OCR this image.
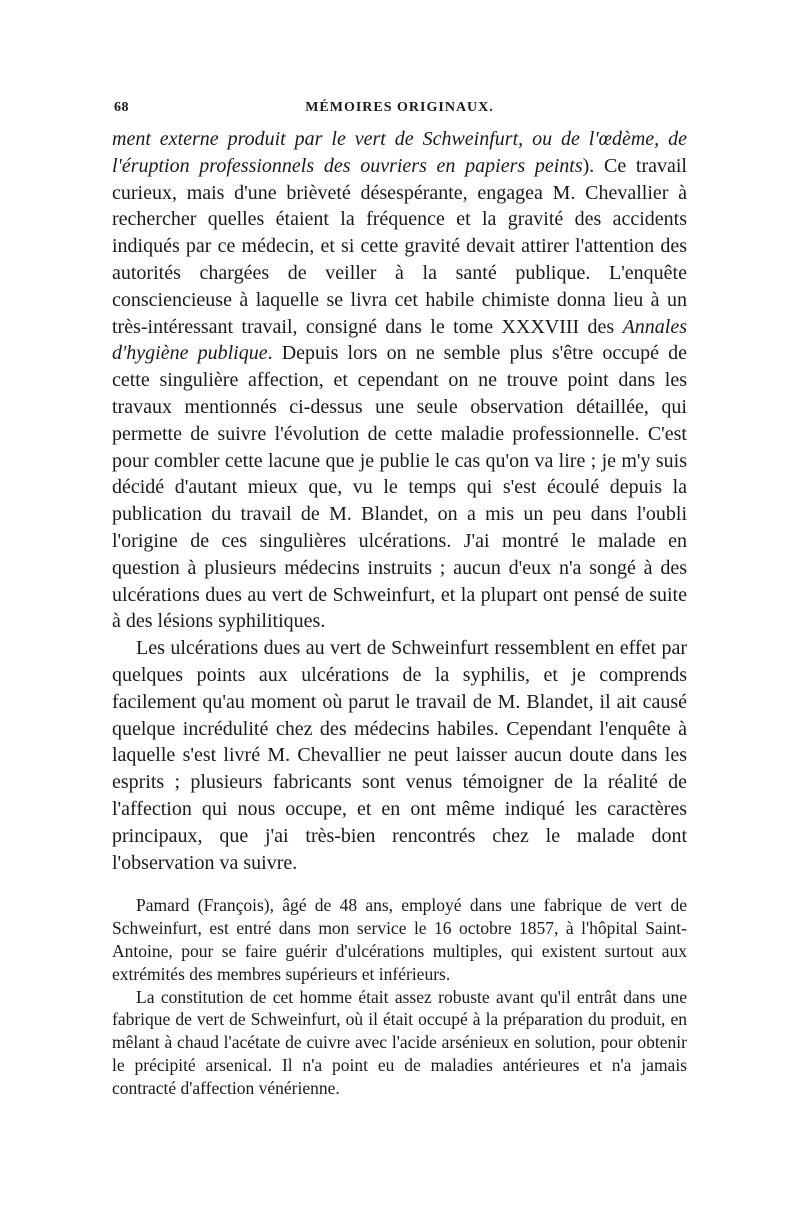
68	MÉMOIRES ORIGINAUX.

ment externe produit par le vert de Schweinfurt, ou de l'œdème, de l'éruption professionnels des ouvriers en papiers peints). Ce travail curieux, mais d'une brièveté désespérante, engagea M. Chevallier à rechercher quelles étaient la fréquence et la gravité des accidents indiqués par ce médecin, et si cette gravité devait attirer l'attention des autorités chargées de veiller à la santé publique. L'enquête consciencieuse à laquelle se livra cet habile chimiste donna lieu à un très-intéressant travail, consigné dans le tome XXXVIII des Annales d'hygiène publique. Depuis lors on ne semble plus s'être occupé de cette singulière affection, et cependant on ne trouve point dans les travaux mentionnés ci-dessus une seule observation détaillée, qui permette de suivre l'évolution de cette maladie professionnelle. C'est pour combler cette lacune que je publie le cas qu'on va lire ; je m'y suis décidé d'autant mieux que, vu le temps qui s'est écoulé depuis la publication du travail de M. Blandet, on a mis un peu dans l'oubli l'origine de ces singulières ulcérations. J'ai montré le malade en question à plusieurs médecins instruits ; aucun d'eux n'a songé à des ulcérations dues au vert de Schweinfurt, et la plupart ont pensé de suite à des lésions syphilitiques.

Les ulcérations dues au vert de Schweinfurt ressemblent en effet par quelques points aux ulcérations de la syphilis, et je comprends facilement qu'au moment où parut le travail de M. Blandet, il ait causé quelque incrédulité chez des médecins habiles. Cependant l'enquête à laquelle s'est livré M. Chevallier ne peut laisser aucun doute dans les esprits ; plusieurs fabricants sont venus témoigner de la réalité de l'affection qui nous occupe, et en ont même indiqué les caractères principaux, que j'ai très-bien rencontrés chez le malade dont l'observation va suivre.

Pamard (François), âgé de 48 ans, employé dans une fabrique de vert de Schweinfurt, est entré dans mon service le 16 octobre 1857, à l'hôpital Saint-Antoine, pour se faire guérir d'ulcérations multiples, qui existent surtout aux extrémités des membres supérieurs et inférieurs.

La constitution de cet homme était assez robuste avant qu'il entrât dans une fabrique de vert de Schweinfurt, où il était occupé à la préparation du produit, en mêlant à chaud l'acétate de cuivre avec l'acide arsénieux en solution, pour obtenir le précipité arsenical. Il n'a point eu de maladies antérieures et n'a jamais contracté d'affection vénérienne.
